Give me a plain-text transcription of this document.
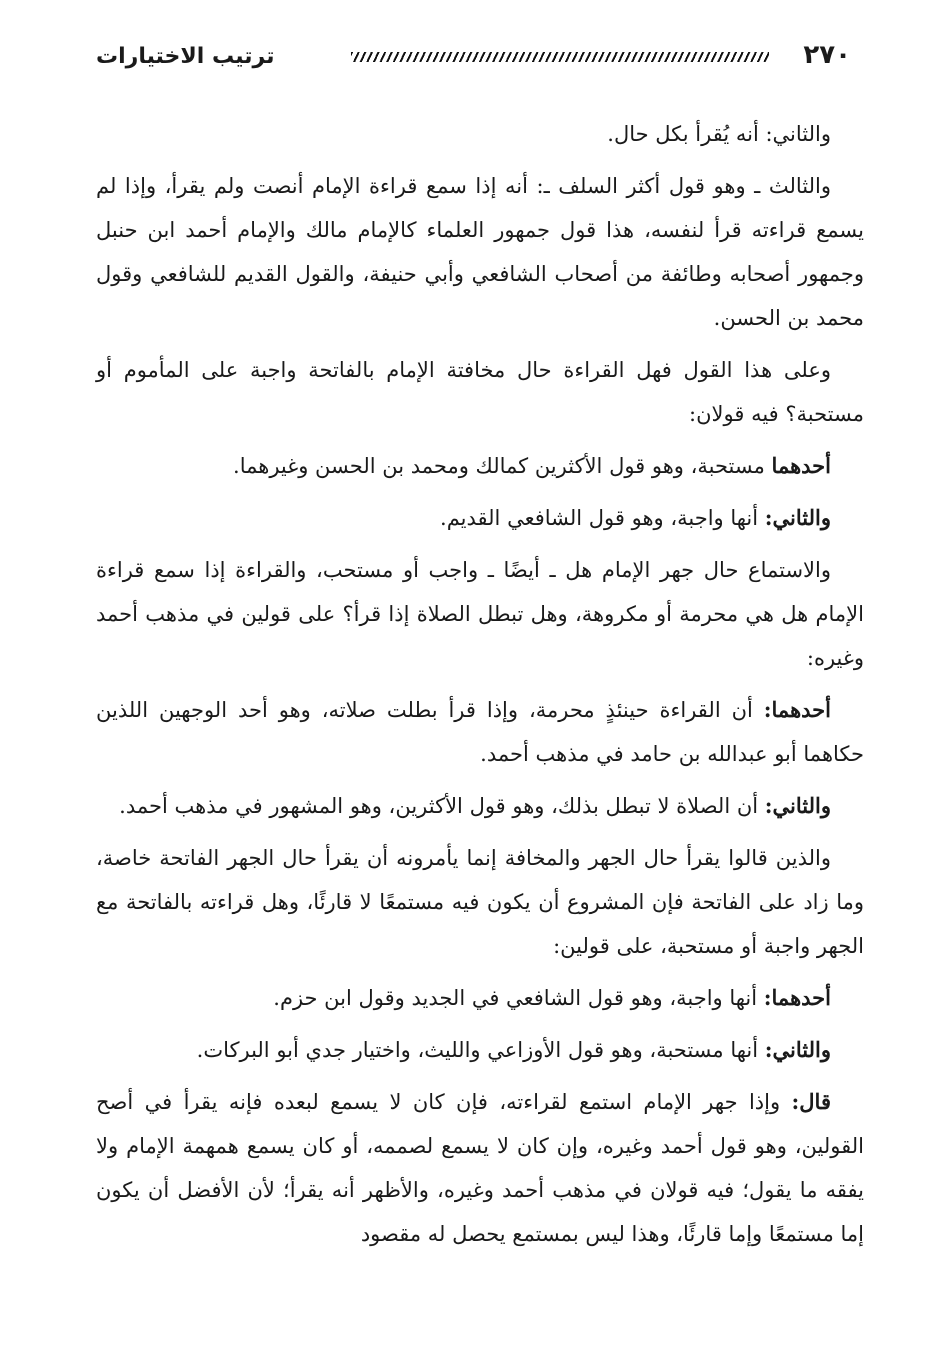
٢٧٠
ترتيب الاختيارات

والثاني: أنه يُقرأ بكل حال.

والثالث ـ وهو قول أكثر السلف ـ: أنه إذا سمع قراءة الإمام أنصت ولم يقرأ، وإذا لم يسمع قراءته قرأ لنفسه، هذا قول جمهور العلماء كالإمام مالك والإمام أحمد ابن حنبل وجمهور أصحابه وطائفة من أصحاب الشافعي وأبي حنيفة، والقول القديم للشافعي وقول محمد بن الحسن.

وعلى هذا القول فهل القراءة حال مخافتة الإمام بالفاتحة واجبة على المأموم أو مستحبة؟ فيه قولان:

أحدهما مستحبة، وهو قول الأكثرين كمالك ومحمد بن الحسن وغيرهما.

والثاني: أنها واجبة، وهو قول الشافعي القديم.

والاستماع حال جهر الإمام هل ـ أيضًا ـ واجب أو مستحب، والقراءة إذا سمع قراءة الإمام هل هي محرمة أو مكروهة، وهل تبطل الصلاة إذا قرأ؟ على قولين في مذهب أحمد وغيره:

أحدهما: أن القراءة حينئذٍ محرمة، وإذا قرأ بطلت صلاته، وهو أحد الوجهين اللذين حكاهما أبو عبدالله بن حامد في مذهب أحمد.

والثاني: أن الصلاة لا تبطل بذلك، وهو قول الأكثرين، وهو المشهور في مذهب أحمد.

والذين قالوا يقرأ حال الجهر والمخافة إنما يأمرونه أن يقرأ حال الجهر الفاتحة خاصة، وما زاد على الفاتحة فإن المشروع أن يكون فيه مستمعًا لا قارئًا، وهل قراءته بالفاتحة مع الجهر واجبة أو مستحبة، على قولين:

أحدهما: أنها واجبة، وهو قول الشافعي في الجديد وقول ابن حزم.

والثاني: أنها مستحبة، وهو قول الأوزاعي والليث، واختيار جدي أبو البركات.

قال: وإذا جهر الإمام استمع لقراءته، فإن كان لا يسمع لبعده فإنه يقرأ في أصح القولين، وهو قول أحمد وغيره، وإن كان لا يسمع لصممه، أو كان يسمع همهمة الإمام ولا يفقه ما يقول؛ فيه قولان في مذهب أحمد وغيره، والأظهر أنه يقرأ؛ لأن الأفضل أن يكون إما مستمعًا وإما قارئًا، وهذا ليس بمستمع يحصل له مقصود
